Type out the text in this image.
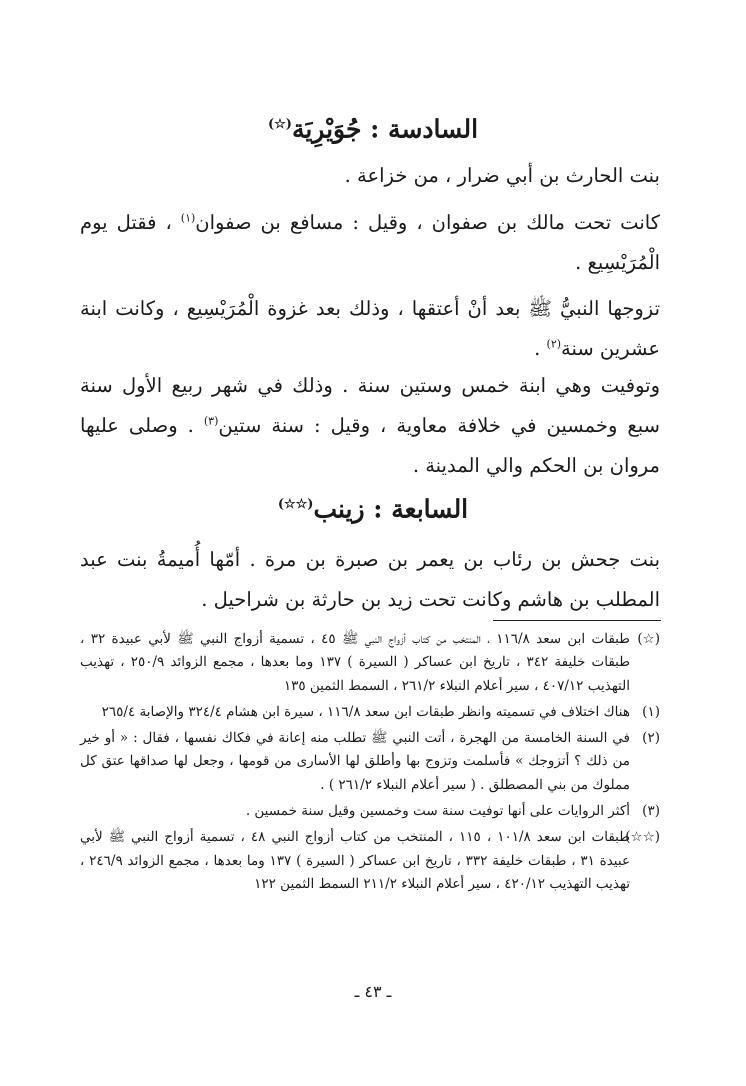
السادسة : جُوَيْرِيَة(☆)

بنت الحارث بن أبي ضرار ، من خزاعة .

كانت تحت مالك بن صفوان ، وقيل : مسافع بن صفوان$^{(١)}$ ، فقتل يوم الْمُرَيْسِيع .

تزوجها النبيُّ ﷺ بعد أنْ أعتقها ، وذلك بعد غزوة الْمُرَيْسِيع ، وكانت ابنة عشرين سنة$^{(٢)}$ .

وتوفيت وهي ابنة خمس وستين سنة . وذلك في شهر ربيع الأول سنة سبع وخمسين في خلافة معاوية ، وقيل : سنة ستين$^{(٣)}$ . وصلى عليها مروان بن الحكم والي المدينة .

السابعة : زينب(☆☆)

بنت جحش بن رئاب بن يعمر بن صبرة بن مرة . أمّها أُميمةُ بنت عبد المطلب بن هاشم وكانت تحت زيد بن حارثة بن شراحيل .

(☆)
طبقات ابن سعد ١١٦/٨ ، المنتخب من كتاب أزواج النبي ﷺ ٤٥ ، تسمية أزواج النبي ﷺ لأبي عبيدة ٣٢ ، طبقات خليفة ٣٤٢ ، تاريخ ابن عساكر ( السيرة ) ١٣٧ وما بعدها ، مجمع الزوائد ٢٥٠/٩ ، تهذيب التهذيب ٤٠٧/١٢ ، سير أعلام النبلاء ٢٦١/٢ ، السمط الثمين ١٣٥

(١)
هناك اختلاف في تسميته وانظر طبقات ابن سعد ١١٦/٨ ، سيرة ابن هشام ٣٢٤/٤ والإصابة ٢٦٥/٤

(٢)
في السنة الخامسة من الهجرة ، أتت النبي ﷺ تطلب منه إعانة في فكاك نفسها ، فقال : « أو خير من ذلك ؟ أتزوجك » فأسلمت وتزوج بها وأطلق لها الأسارى من قومها ، وجعل لها صداقها عتق كل مملوك من بني المصطلق . ( سير أعلام النبلاء ٢٦١/٢ ) .

(٣)
أكثر الروايات على أنها توفيت سنة ست وخمسين وقيل سنة خمسين .

(☆☆)
طبقات ابن سعد ١٠١/٨ ، ١١٥ ، المنتخب من كتاب أزواج النبي ٤٨ ، تسمية أزواج النبي ﷺ لأبي عبيدة ٣١ ، طبقات خليفة ٣٣٢ ، تاريخ ابن عساكر ( السيرة ) ١٣٧ وما بعدها ، مجمع الزوائد ٢٤٦/٩ ، تهذيب التهذيب ٤٢٠/١٢ ، سير أعلام النبلاء ٢١١/٢ السمط الثمين ١٢٢

ـ ٤٣ ـ
